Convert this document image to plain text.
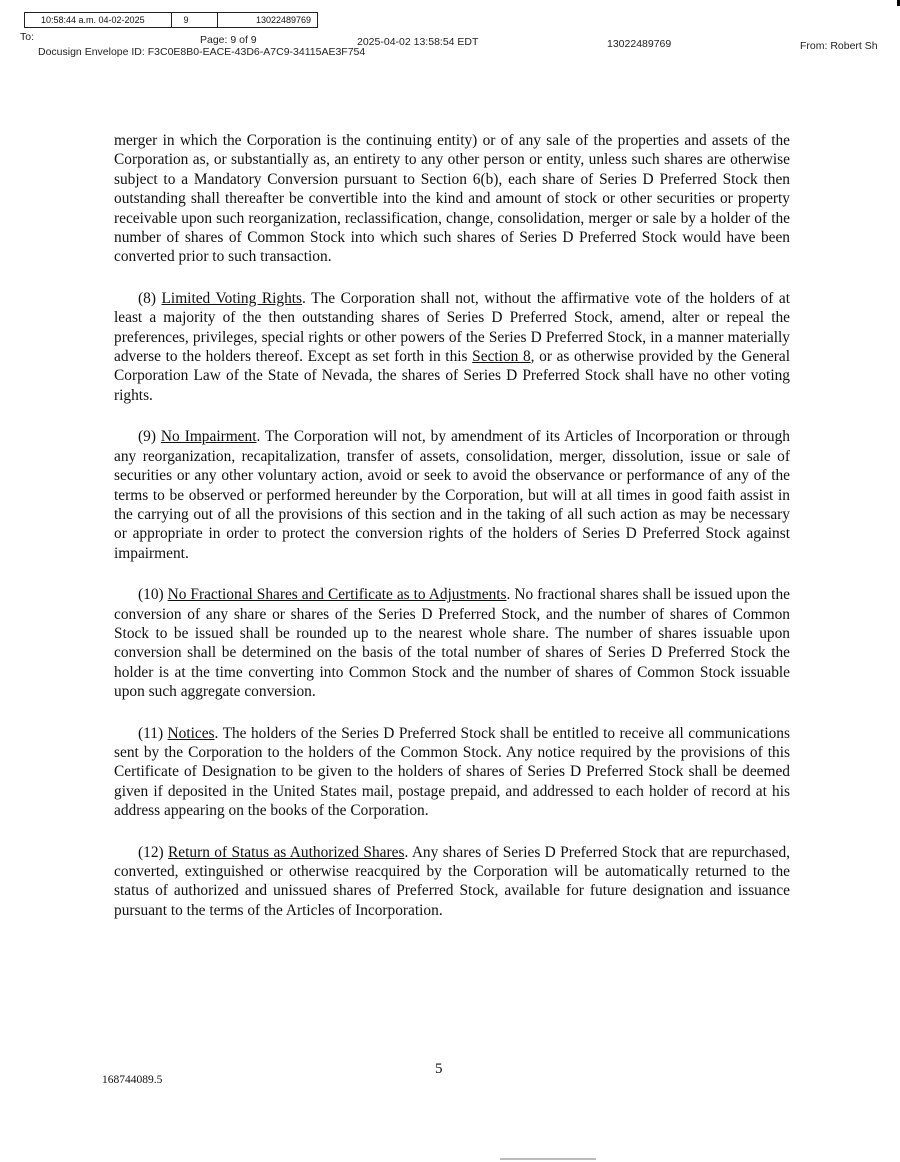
10:58:44 a.m. 04-02-2025	9	13022489769
To:	Page: 9 of 9	2025-04-02 13:58:54 EDT	13022489769	From: Robert Sh
Docusign Envelope ID: F3C0E8B0-EACE-43D6-A7C9-34115AE3F754

merger in which the Corporation is the continuing entity) or of any sale of the properties and assets of the Corporation as, or substantially as, an entirety to any other person or entity, unless such shares are otherwise subject to a Mandatory Conversion pursuant to Section 6(b), each share of Series D Preferred Stock then outstanding shall thereafter be convertible into the kind and amount of stock or other securities or property receivable upon such reorganization, reclassification, change, consolidation, merger or sale by a holder of the number of shares of Common Stock into which such shares of Series D Preferred Stock would have been converted prior to such transaction.

(8) Limited Voting Rights. The Corporation shall not, without the affirmative vote of the holders of at least a majority of the then outstanding shares of Series D Preferred Stock, amend, alter or repeal the preferences, privileges, special rights or other powers of the Series D Preferred Stock, in a manner materially adverse to the holders thereof. Except as set forth in this Section 8, or as otherwise provided by the General Corporation Law of the State of Nevada, the shares of Series D Preferred Stock shall have no other voting rights.

(9) No Impairment. The Corporation will not, by amendment of its Articles of Incorporation or through any reorganization, recapitalization, transfer of assets, consolidation, merger, dissolution, issue or sale of securities or any other voluntary action, avoid or seek to avoid the observance or performance of any of the terms to be observed or performed hereunder by the Corporation, but will at all times in good faith assist in the carrying out of all the provisions of this section and in the taking of all such action as may be necessary or appropriate in order to protect the conversion rights of the holders of Series D Preferred Stock against impairment.

(10) No Fractional Shares and Certificate as to Adjustments. No fractional shares shall be issued upon the conversion of any share or shares of the Series D Preferred Stock, and the number of shares of Common Stock to be issued shall be rounded up to the nearest whole share. The number of shares issuable upon conversion shall be determined on the basis of the total number of shares of Series D Preferred Stock the holder is at the time converting into Common Stock and the number of shares of Common Stock issuable upon such aggregate conversion.

(11) Notices. The holders of the Series D Preferred Stock shall be entitled to receive all communications sent by the Corporation to the holders of the Common Stock. Any notice required by the provisions of this Certificate of Designation to be given to the holders of shares of Series D Preferred Stock shall be deemed given if deposited in the United States mail, postage prepaid, and addressed to each holder of record at his address appearing on the books of the Corporation.

(12) Return of Status as Authorized Shares. Any shares of Series D Preferred Stock that are repurchased, converted, extinguished or otherwise reacquired by the Corporation will be automatically returned to the status of authorized and unissued shares of Preferred Stock, available for future designation and issuance pursuant to the terms of the Articles of Incorporation.

5
168744089.5
